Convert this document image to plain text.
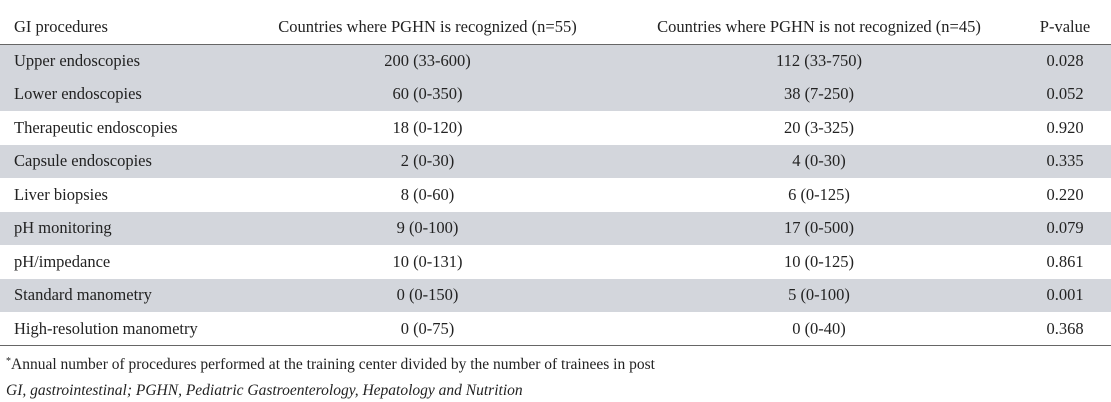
GI procedures	Countries where PGHN is recognized (n=55)	Countries where PGHN is not recognized (n=45)	P-value
Upper endoscopies	200 (33-600)	112 (33-750)	0.028
Lower endoscopies	60 (0-350)	38 (7-250)	0.052
Therapeutic endoscopies	18 (0-120)	20 (3-325)	0.920
Capsule endoscopies	2 (0-30)	4 (0-30)	0.335
Liver biopsies	8 (0-60)	6 (0-125)	0.220
pH monitoring	9 (0-100)	17 (0-500)	0.079
pH/impedance	10 (0-131)	10 (0-125)	0.861
Standard manometry	0 (0-150)	5 (0-100)	0.001
High-resolution manometry	0 (0-75)	0 (0-40)	0.368
*Annual number of procedures performed at the training center divided by the number of trainees in post
GI, gastrointestinal; PGHN, Pediatric Gastroenterology, Hepatology and Nutrition
